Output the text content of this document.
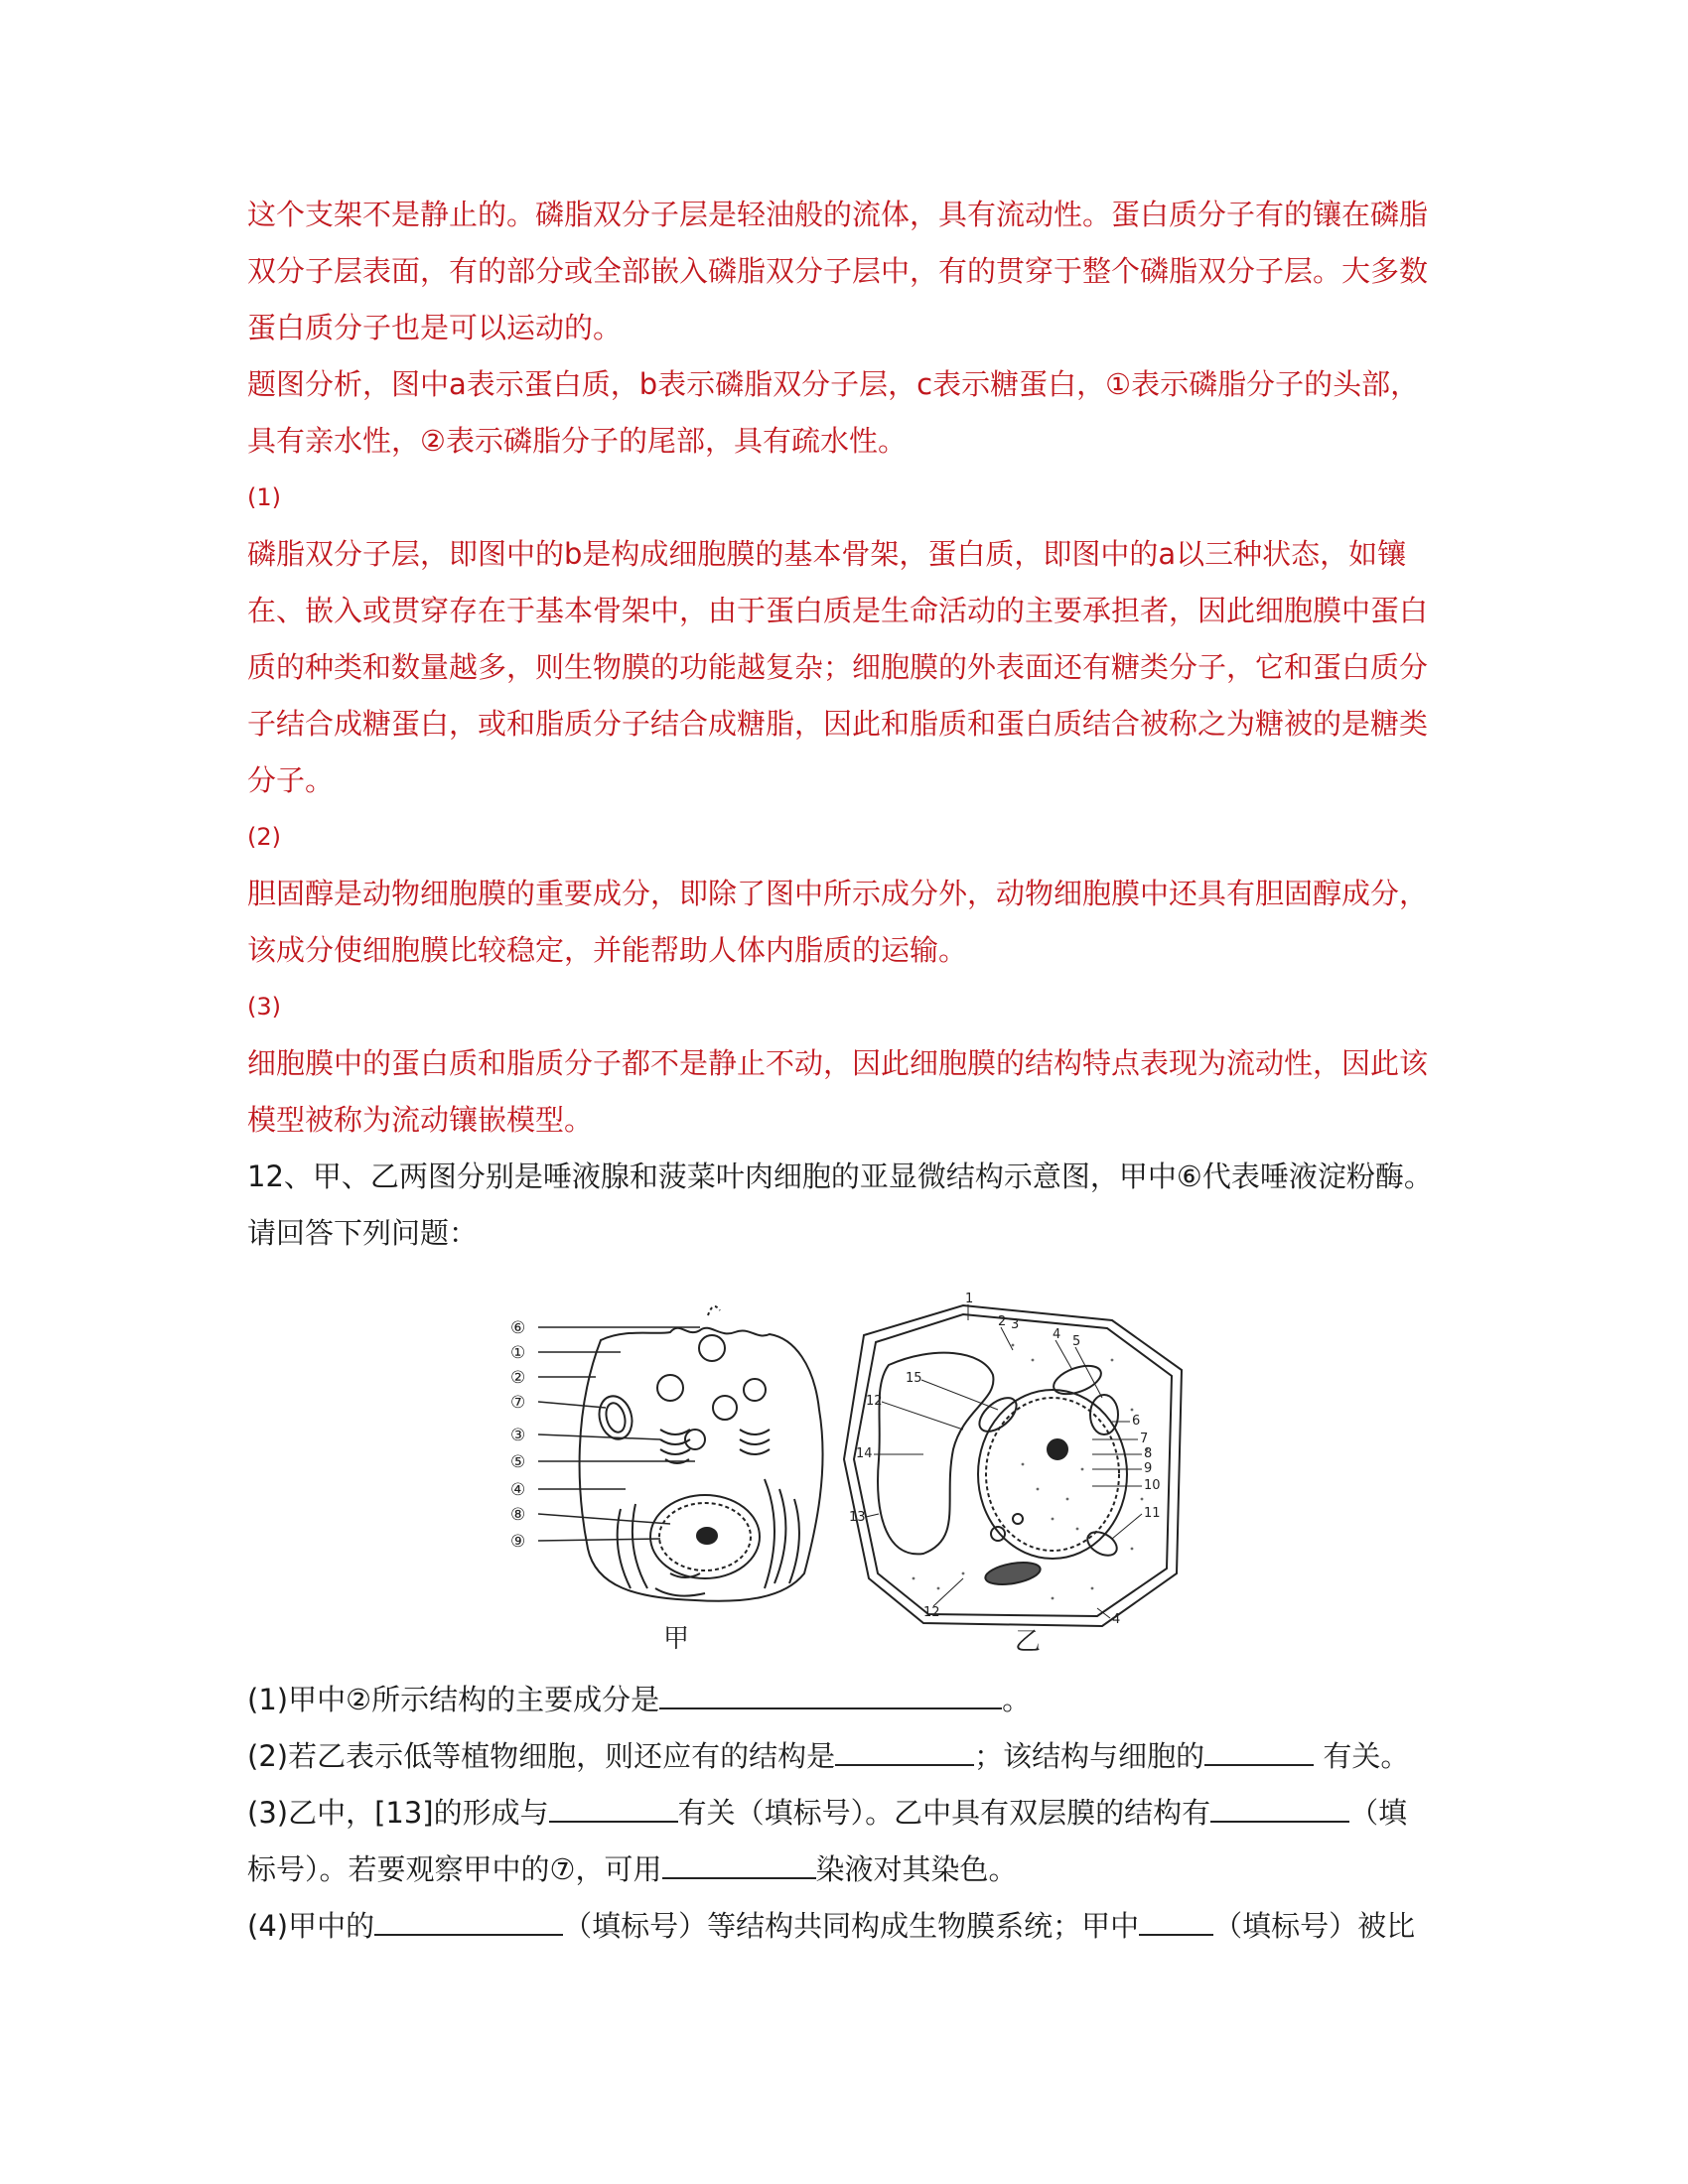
这个支架不是静止的。磷脂双分子层是轻油般的流体，具有流动性。蛋白质分子有的镶在磷脂
双分子层表面，有的部分或全部嵌入磷脂双分子层中，有的贯穿于整个磷脂双分子层。大多数
蛋白质分子也是可以运动的。
题图分析，图中a表示蛋白质，b表示磷脂双分子层，c表示糖蛋白，①表示磷脂分子的头部，
具有亲水性，②表示磷脂分子的尾部，具有疏水性。
(1)
磷脂双分子层，即图中的b是构成细胞膜的基本骨架，蛋白质，即图中的a以三种状态，如镶
在、嵌入或贯穿存在于基本骨架中，由于蛋白质是生命活动的主要承担者，因此细胞膜中蛋白
质的种类和数量越多，则生物膜的功能越复杂；细胞膜的外表面还有糖类分子，它和蛋白质分
子结合成糖蛋白，或和脂质分子结合成糖脂，因此和脂质和蛋白质结合被称之为糖被的是糖类
分子。
(2)
胆固醇是动物细胞膜的重要成分，即除了图中所示成分外，动物细胞膜中还具有胆固醇成分，
该成分使细胞膜比较稳定，并能帮助人体内脂质的运输。
(3)
细胞膜中的蛋白质和脂质分子都不是静止不动，因此细胞膜的结构特点表现为流动性，因此该
模型被称为流动镶嵌模型。
12、甲、乙两图分别是唾液腺和菠菜叶肉细胞的亚显微结构示意图，甲中⑥代表唾液淀粉酶。
请回答下列问题：
⑥
①
②
⑦
③
⑤
④
⑧
⑨
12
15
14
13
12
1
2 3
4 5
6
7
8
9
10
11
4
甲	乙
(1)甲中②所示结构的主要成分是	。
(2)若乙表示低等植物细胞，则还应有的结构是	；该结构与细胞的	有关。
(3)乙中，[13]的形成与	有关（填标号）。乙中具有双层膜的结构有	（填
标号）。若要观察甲中的⑦，可用	染液对其染色。
(4)甲中的	（填标号）等结构共同构成生物膜系统；甲中	（填标号）被比
